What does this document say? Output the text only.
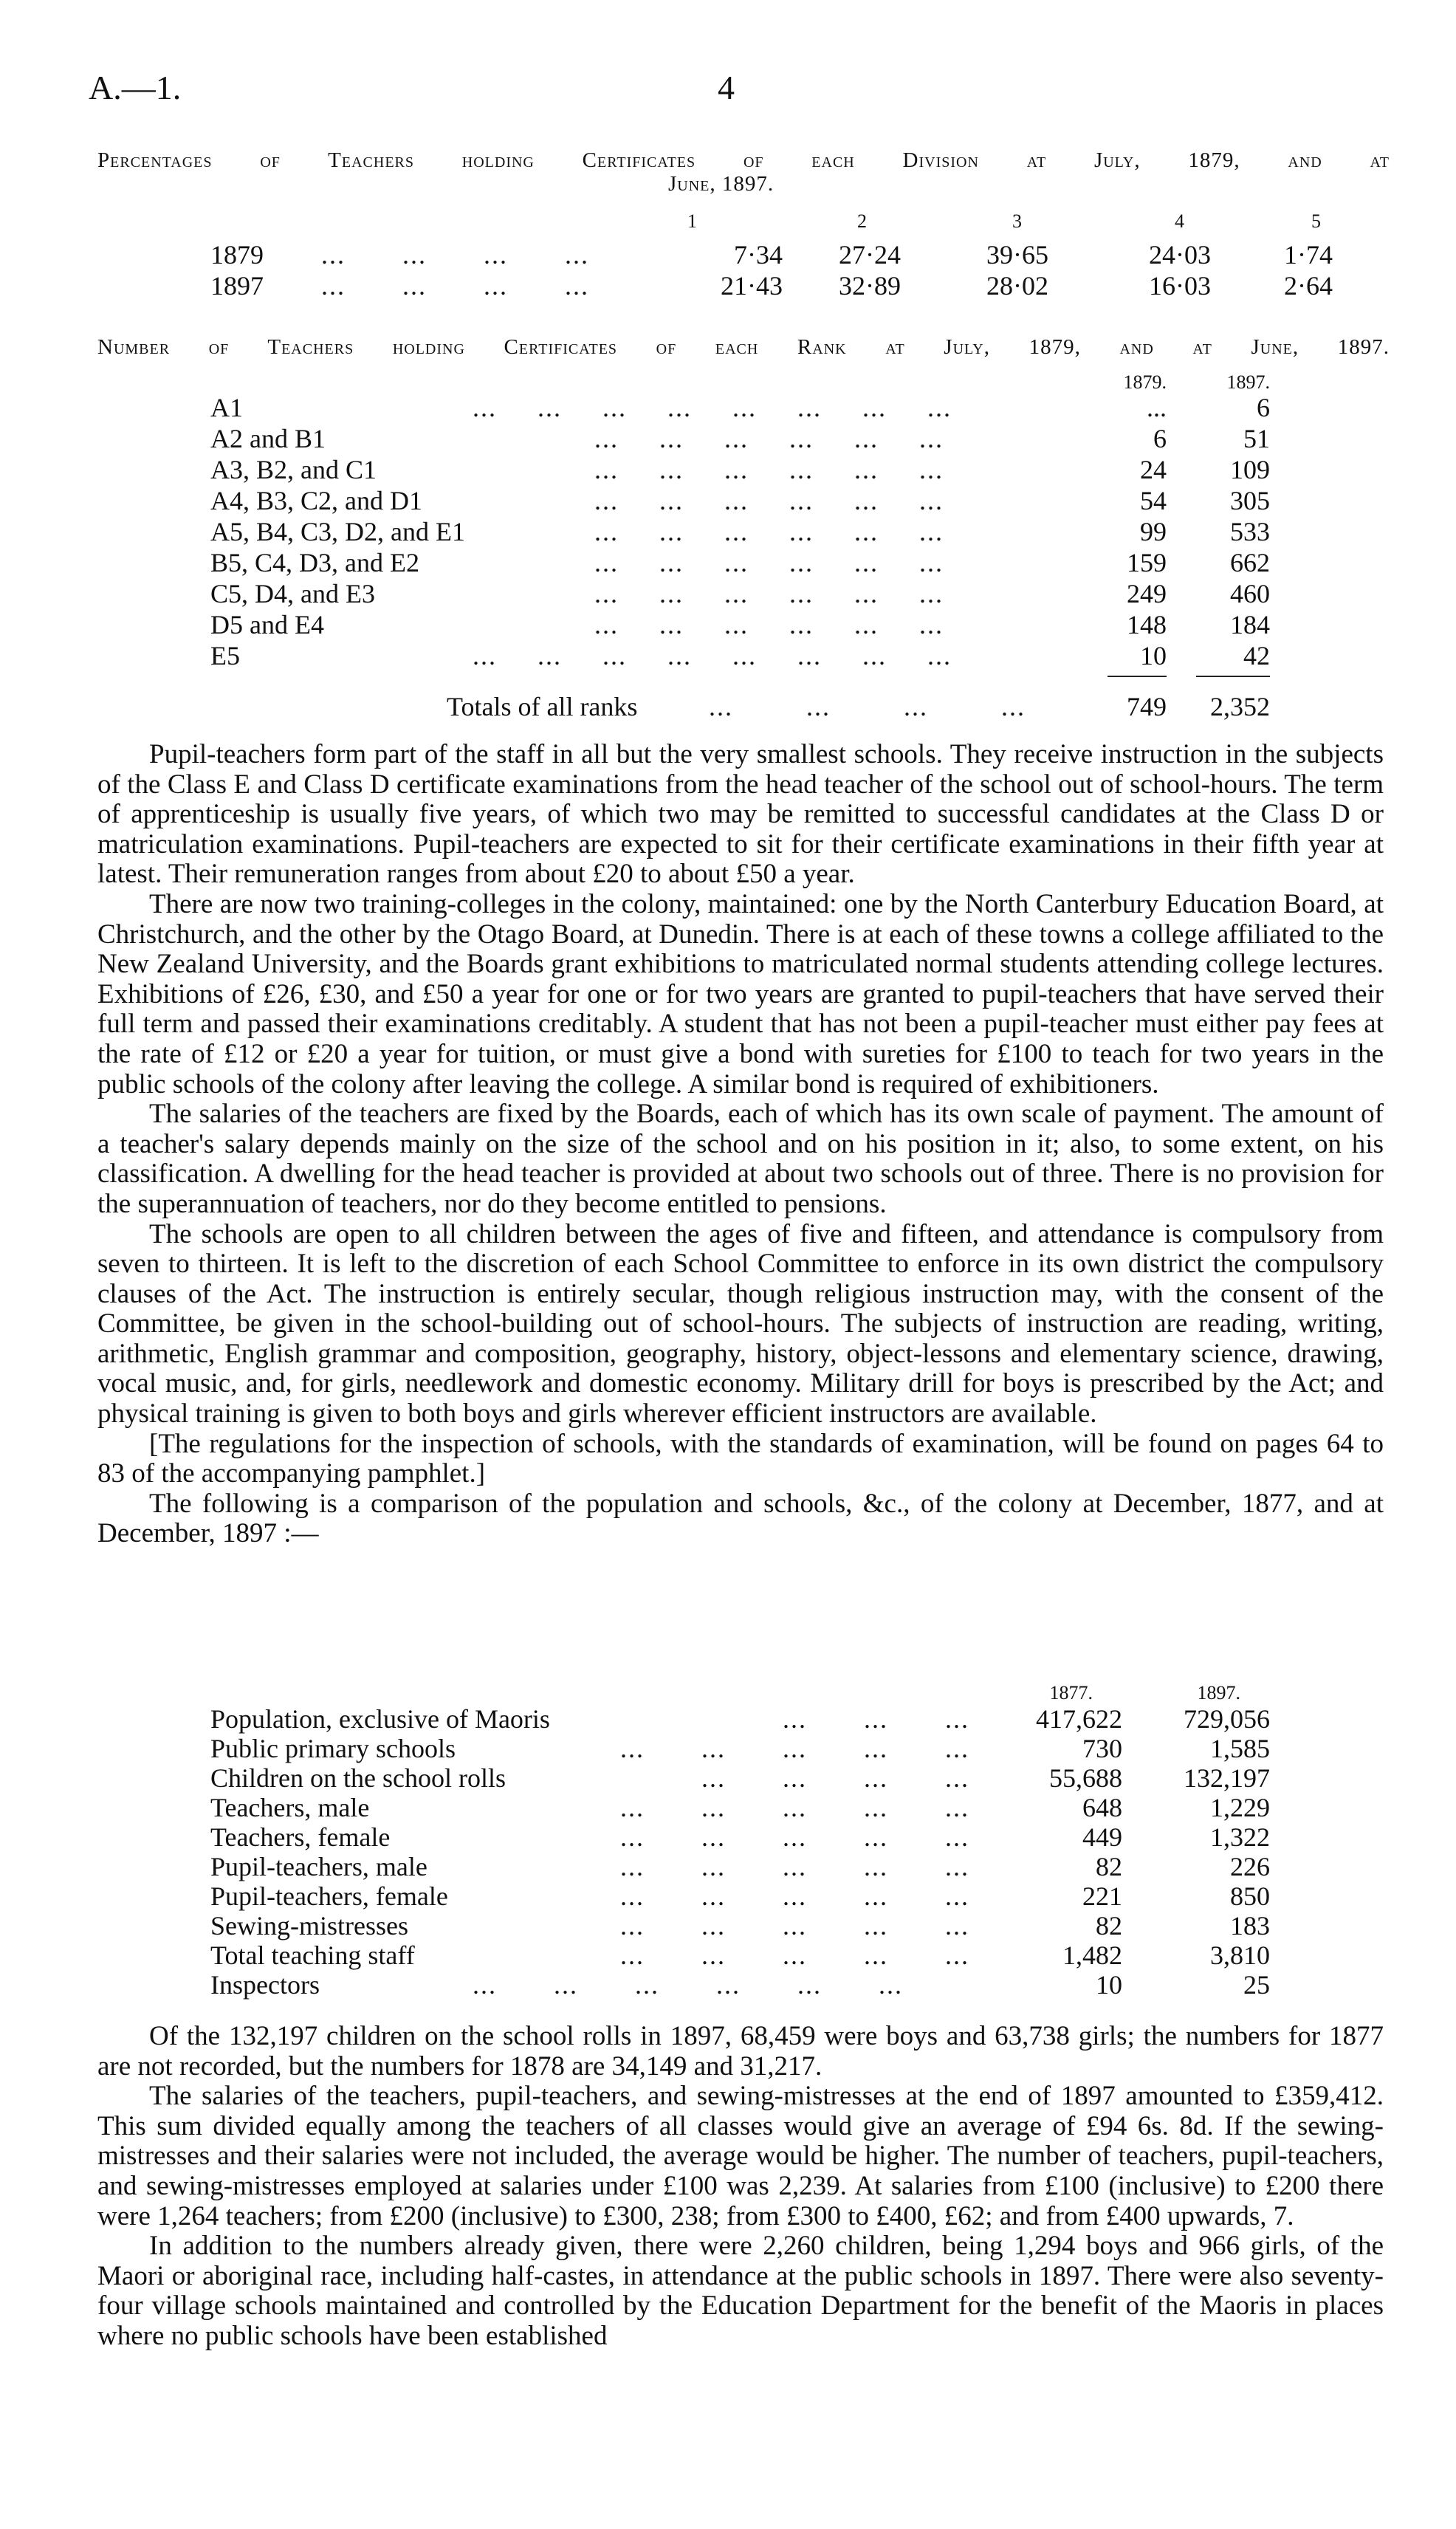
A.—1.	4
Percentages of Teachers holding Certificates of each Division at July, 1879, and at
June, 1897.
1	2	3	4	5
1879 ...       ...       ...       ...	7·34	27·24	39·65	24·03	1·74
1897 ...       ...       ...       ...	21·43	32·89	28·02	16·03	2·64
Number of Teachers holding Certificates of each Rank at July, 1879, and at June, 1897.
1879.	1897.
A1	...	6
A2 and B1	6	51
A3, B2, and C1	24	109
A4, B3, C2, and D1	54	305
A5, B4, C3, D2, and E1	99	533
B5, C4, D3, and E2	159	662
C5, D4, and E3	249	460
D5 and E4	148	184
E5	10	42
...     ...     ...     ...     ...     ...     ...     ...
...     ...     ...     ...     ...     ...
...     ...     ...     ...     ...     ...
...     ...     ...     ...     ...     ...
...     ...     ...     ...     ...     ...
...     ...     ...     ...     ...     ...
...     ...     ...     ...     ...     ...
...     ...     ...     ...     ...     ...
...     ...     ...     ...     ...     ...     ...     ...
Totals of all ranks	...         ...         ...         ...	749	2,352

Pupil-teachers form part of the staff in all but the very smallest schools. They receive instruction in the subjects of the Class E and Class D certificate examinations from the head teacher of the school out of school-hours. The term of apprenticeship is usually five years, of which two may be remitted to successful candidates at the Class D or matriculation examinations. Pupil-teachers are expected to sit for their certificate examinations in their fifth year at latest. Their remuneration ranges from about £20 to about £50 a year.

There are now two training-colleges in the colony, maintained: one by the North Canterbury Education Board, at Christchurch, and the other by the Otago Board, at Dunedin. There is at each of these towns a college affiliated to the New Zealand University, and the Boards grant exhibitions to matriculated normal students attending college lectures. Exhibitions of £26, £30, and £50 a year for one or for two years are granted to pupil-teachers that have served their full term and passed their examinations creditably. A student that has not been a pupil-teacher must either pay fees at the rate of £12 or £20 a year for tuition, or must give a bond with sureties for £100 to teach for two years in the public schools of the colony after leaving the college. A similar bond is required of exhibitioners.

The salaries of the teachers are fixed by the Boards, each of which has its own scale of payment. The amount of a teacher's salary depends mainly on the size of the school and on his position in it; also, to some extent, on his classification. A dwelling for the head teacher is provided at about two schools out of three. There is no provision for the superannuation of teachers, nor do they become entitled to pensions.

The schools are open to all children between the ages of five and fifteen, and attendance is compulsory from seven to thirteen. It is left to the discretion of each School Committee to enforce in its own district the compulsory clauses of the Act. The instruction is entirely secular, though religious instruction may, with the consent of the Committee, be given in the school-building out of school-hours. The subjects of instruction are reading, writing, arithmetic, English grammar and composition, geography, history, object-lessons and elementary science, drawing, vocal music, and, for girls, needlework and domestic economy. Military drill for boys is prescribed by the Act; and physical training is given to both boys and girls wherever efficient instructors are available.

[The regulations for the inspection of schools, with the standards of examination, will be found on pages 64 to 83 of the accompanying pamphlet.]

The following is a comparison of the population and schools, &c., of the colony at December, 1877, and at December, 1897 :—

1877.	1897.
Population, exclusive of Maoris	417,622	729,056
Public primary schools	730	1,585
Children on the school rolls	55,688	132,197
Teachers, male	648	1,229
Teachers, female	449	1,322
Pupil-teachers, male	82	226
Pupil-teachers, female	221	850
Sewing-mistresses	82	183
Total teaching staff	1,482	3,810
Inspectors	10	25
...       ...       ...
...       ...       ...       ...       ...
...       ...       ...       ...
...       ...       ...       ...       ...
...       ...       ...       ...       ...
...       ...       ...       ...       ...
...       ...       ...       ...       ...
...       ...       ...       ...       ...
...       ...       ...       ...       ...
...       ...       ...       ...       ...       ...

Of the 132,197 children on the school rolls in 1897, 68,459 were boys and 63,738 girls; the numbers for 1877 are not recorded, but the numbers for 1878 are 34,149 and 31,217.

The salaries of the teachers, pupil-teachers, and sewing-mistresses at the end of 1897 amounted to £359,412. This sum divided equally among the teachers of all classes would give an average of £94 6s. 8d. If the sewing-mistresses and their salaries were not included, the average would be higher. The number of teachers, pupil-teachers, and sewing-mistresses employed at salaries under £100 was 2,239. At salaries from £100 (inclusive) to £200 there were 1,264 teachers; from £200 (inclusive) to £300, 238; from £300 to £400, £62; and from £400 upwards, 7.

In addition to the numbers already given, there were 2,260 children, being 1,294 boys and 966 girls, of the Maori or aboriginal race, including half-castes, in attendance at the public schools in 1897. There were also seventy-four village schools maintained and controlled by the Education Department for the benefit of the Maoris in places where no public schools have been established
